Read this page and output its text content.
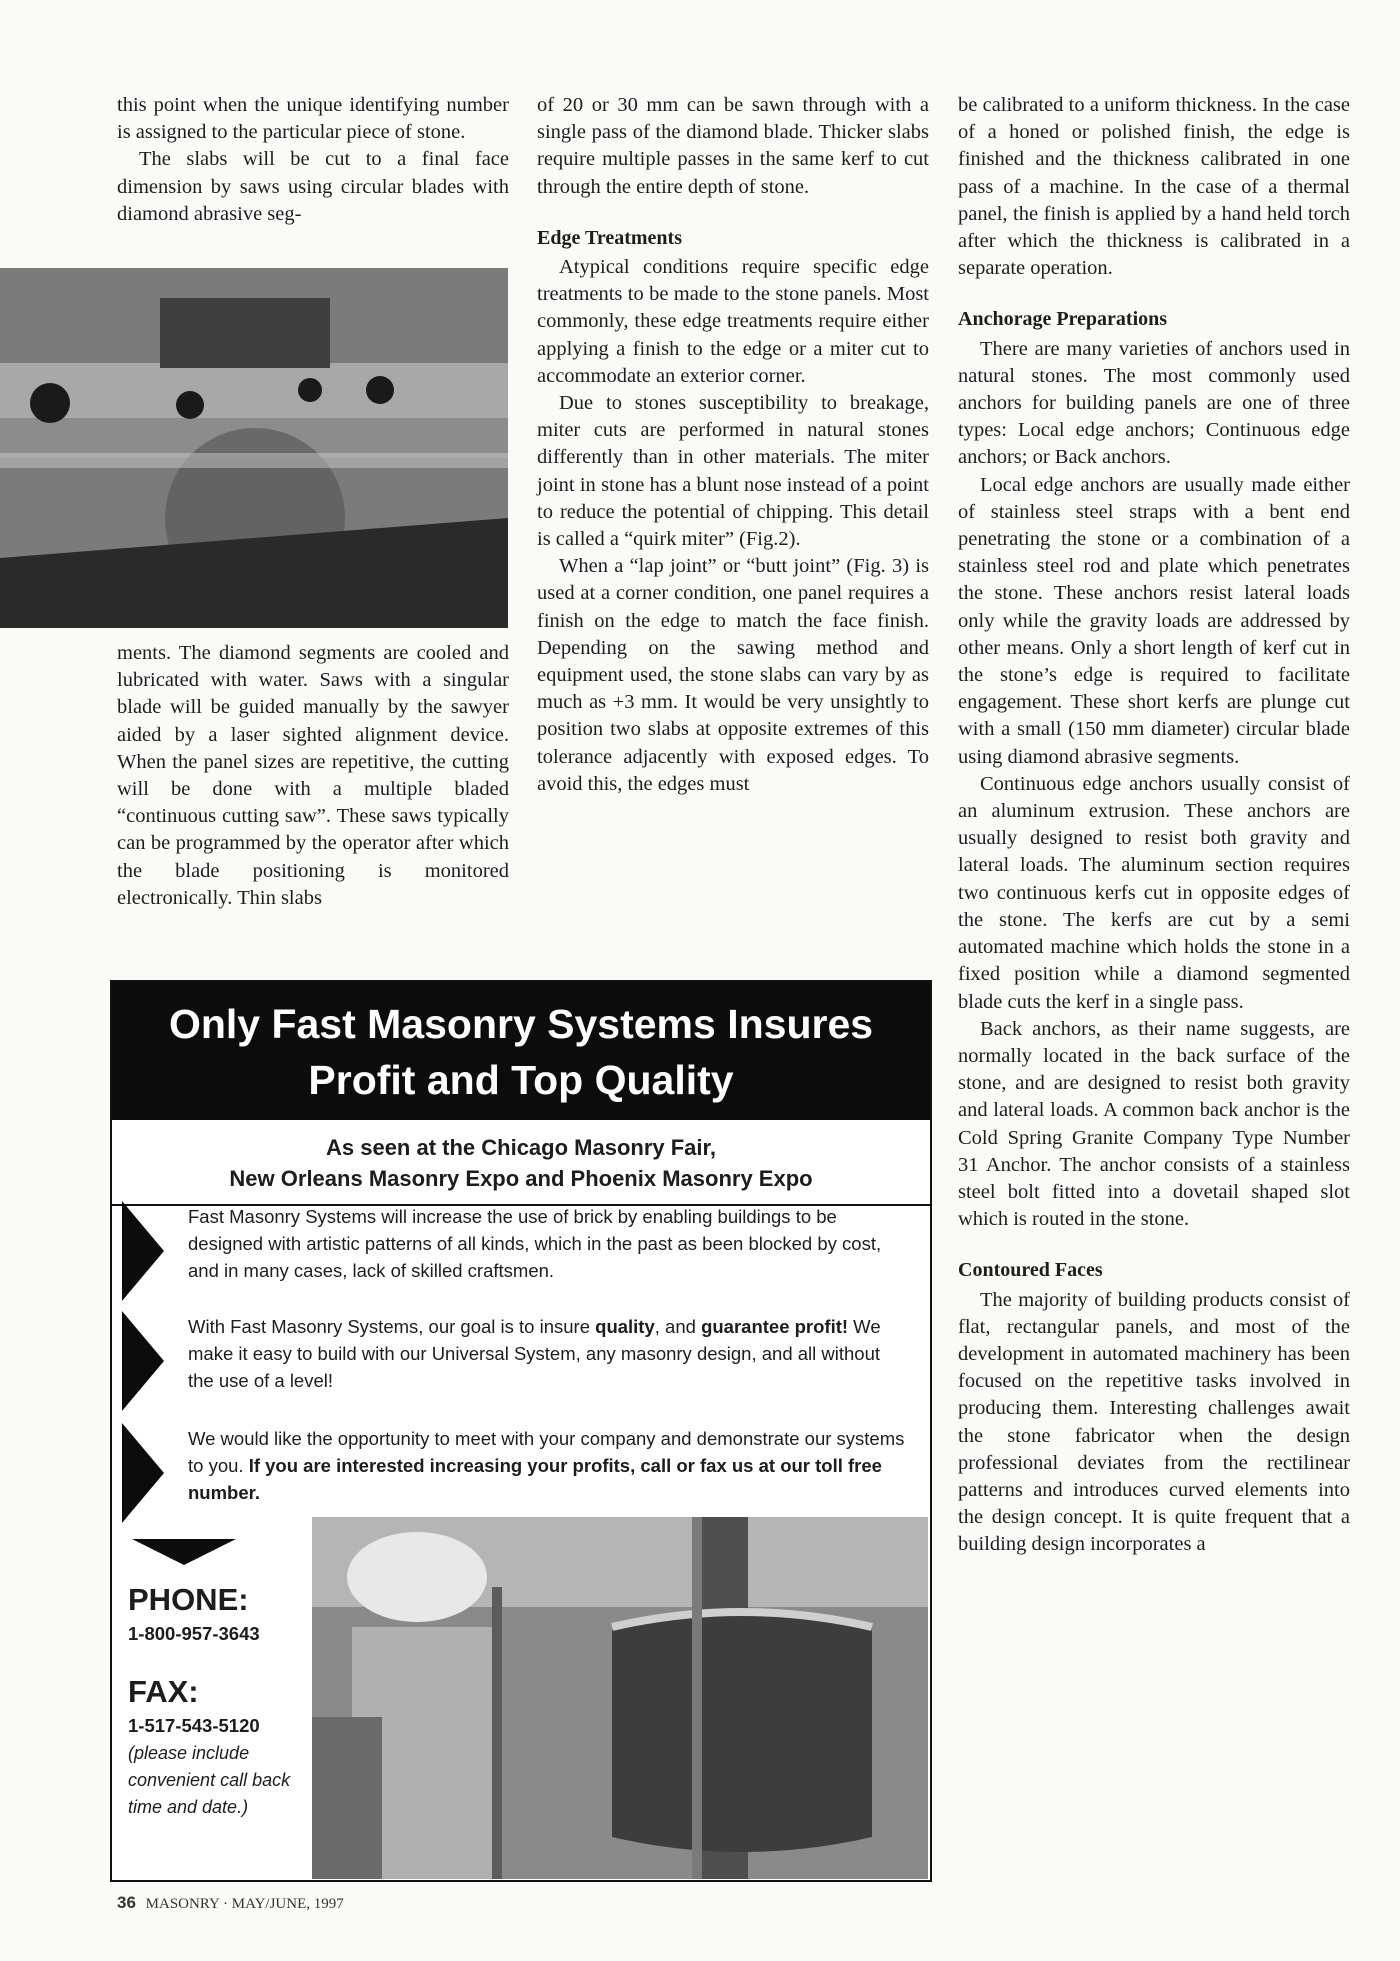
this point when the unique identifying number is assigned to the particular piece of stone.

The slabs will be cut to a final face dimension by saws using circular blades with diamond abrasive seg-

ments. The diamond segments are cooled and lubricated with water. Saws with a singular blade will be guided manually by the sawyer aided by a laser sighted alignment device. When the panel sizes are repetitive, the cutting will be done with a multiple bladed “continuous cutting saw”. These saws typically can be programmed by the operator after which the blade positioning is monitored electronically. Thin slabs

of 20 or 30 mm can be sawn through with a single pass of the diamond blade. Thicker slabs require multiple passes in the same kerf to cut through the entire depth of stone.

Edge Treatments

Atypical conditions require specific edge treatments to be made to the stone panels. Most commonly, these edge treatments require either applying a finish to the edge or a miter cut to accommodate an exterior corner.

Due to stones susceptibility to breakage, miter cuts are performed in natural stones differently than in other materials. The miter joint in stone has a blunt nose instead of a point to reduce the potential of chipping. This detail is called a “quirk miter” (Fig.2).

When a “lap joint” or “butt joint” (Fig. 3) is used at a corner condition, one panel requires a finish on the edge to match the face finish. Depending on the sawing method and equipment used, the stone slabs can vary by as much as +3 mm. It would be very unsightly to position two slabs at opposite extremes of this tolerance adjacently with exposed edges. To avoid this, the edges must

be calibrated to a uniform thickness. In the case of a honed or polished finish, the edge is finished and the thickness calibrated in one pass of a machine. In the case of a thermal panel, the finish is applied by a hand held torch after which the thickness is calibrated in a separate operation.

Anchorage Preparations

There are many varieties of anchors used in natural stones. The most commonly used anchors for building panels are one of three types: Local edge anchors; Continuous edge anchors; or Back anchors.

Local edge anchors are usually made either of stainless steel straps with a bent end penetrating the stone or a combination of a stainless steel rod and plate which penetrates the stone. These anchors resist lateral loads only while the gravity loads are addressed by other means. Only a short length of kerf cut in the stone’s edge is required to facilitate engagement. These short kerfs are plunge cut with a small (150 mm diameter) circular blade using diamond abrasive segments.

Continuous edge anchors usually consist of an aluminum extrusion. These anchors are usually designed to resist both gravity and lateral loads. The aluminum section requires two continuous kerfs cut in opposite edges of the stone. The kerfs are cut by a semi automated machine which holds the stone in a fixed position while a diamond segmented blade cuts the kerf in a single pass.

Back anchors, as their name suggests, are normally located in the back surface of the stone, and are designed to resist both gravity and lateral loads. A common back anchor is the Cold Spring Granite Company Type Number 31 Anchor. The anchor consists of a stainless steel bolt fitted into a dovetail shaped slot which is routed in the stone.

Contoured Faces

The majority of building products consist of flat, rectangular panels, and most of the development in automated machinery has been focused on the repetitive tasks involved in producing them. Interesting challenges await the stone fabricator when the design professional deviates from the rectilinear patterns and introduces curved elements into the design concept. It is quite frequent that a building design incorporates a

Only Fast Masonry Systems Insures
Profit and Top Quality
As seen at the Chicago Masonry Fair,
New Orleans Masonry Expo and Phoenix Masonry Expo
Fast Masonry Systems will increase the use of brick by enabling buildings to be designed with artistic patterns of all kinds, which in the past as been blocked by cost, and in many cases, lack of skilled craftsmen.
With Fast Masonry Systems, our goal is to insure quality, and guarantee profit! We make it easy to build with our Universal System, any masonry design, and all without the use of a level!
We would like the opportunity to meet with your company and demonstrate our systems to you. If you are interested increasing your profits, call or fax us at our toll free number.
PHONE:
1-800-957-3643
FAX:
1-517-543-5120
(please include convenient call back time and date.)
36 MASONRY · MAY/JUNE, 1997
